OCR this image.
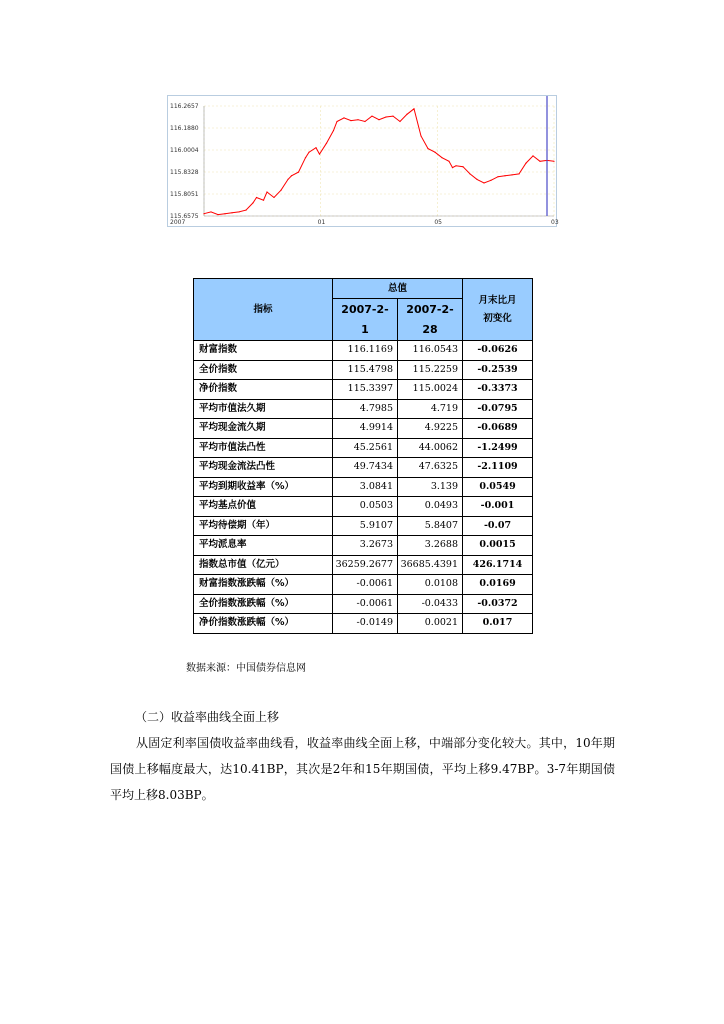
116.2657
116.1880
116.0004
115.8328
115.8051
115.6575
2007	01	05	03
指标	总值		月末比月初变化
	2007-2-1	2007-2-28	
财富指数	116.1169	116.0543	-0.0626
全价指数	115.4798	115.2259	-0.2539
净价指数	115.3397	115.0024	-0.3373
平均市值法久期	4.7985	4.719	-0.0795
平均现金流久期	4.9914	4.9225	-0.0689
平均市值法凸性	45.2561	44.0062	-1.2499
平均现金流法凸性	49.7434	47.6325	-2.1109
平均到期收益率（%）	3.0841	3.139	0.0549
平均基点价值	0.0503	0.0493	-0.001
平均待偿期（年）	5.9107	5.8407	-0.07
平均派息率	3.2673	3.2688	0.0015
指数总市值（亿元）	36259.2677	36685.4391	426.1714
财富指数涨跌幅（%）	-0.0061	0.0108	0.0169
全价指数涨跌幅（%）	-0.0061	-0.0433	-0.0372
净价指数涨跌幅（%）	-0.0149	0.0021	0.017
数据来源：中国债券信息网
（二）收益率曲线全面上移
从固定利率国债收益率曲线看，收益率曲线全面上移，中端部分变化较大。其中，10年期国债上移幅度最大，达10.41BP，其次是2年和15年期国债，平均上移9.47BP。3-7年期国债平均上移8.03BP。
